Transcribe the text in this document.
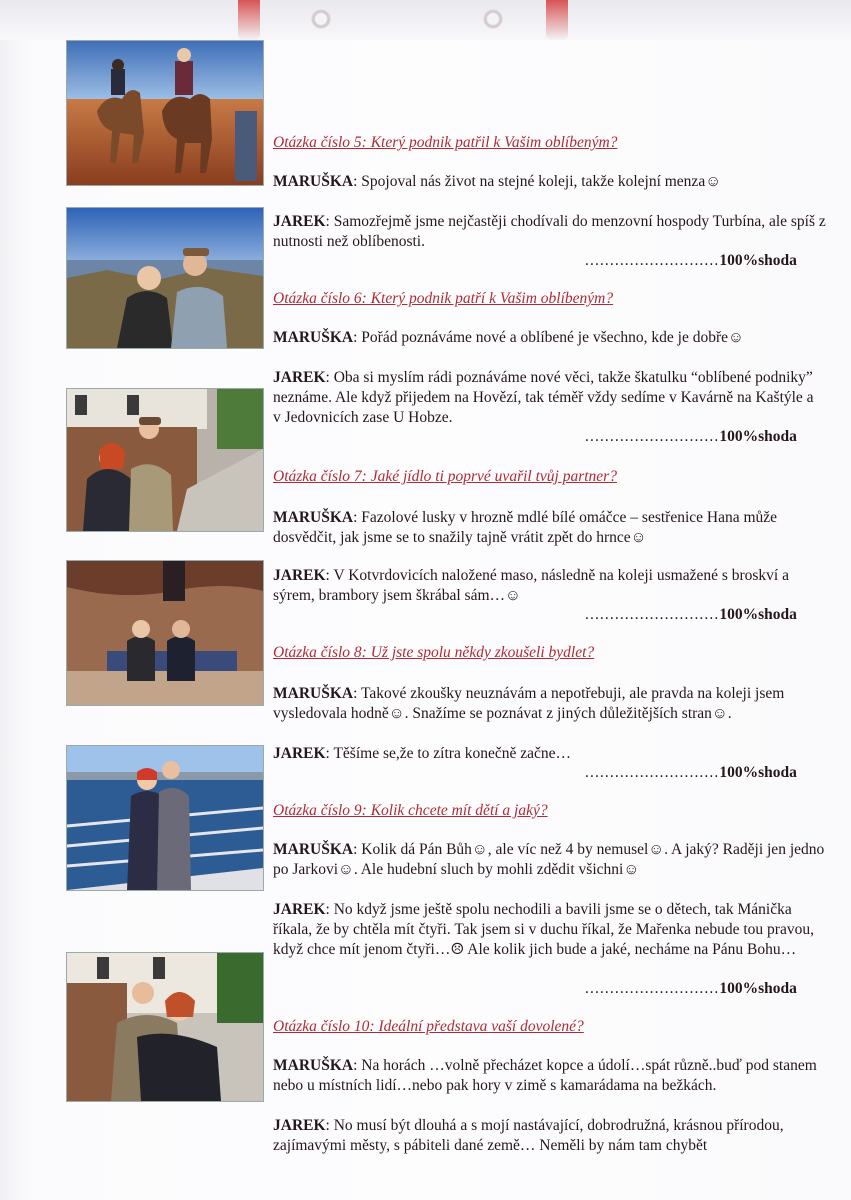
Otázka číslo 5: Který podnik patřil k Vašim oblíbeným?
MARUŠKA: Spojoval nás život na stejné koleji, takže kolejní menza☺
JAREK: Samozřejmě jsme nejčastěji chodívali do menzovní hospody Turbína, ale spíš z nutnosti než oblíbenosti.
...........................100%shoda
Otázka číslo 6: Který podnik patří k Vašim oblíbeným?
MARUŠKA: Pořád poznáváme nové a oblíbené je všechno, kde je dobře☺
JAREK: Oba si myslím rádi poznáváme nové věci, takže škatulku “oblíbené podniky” neznáme. Ale když přijedem na Hovězí, tak téměř vždy sedíme v Kavárně na Kaštýle a v Jedovnicích zase U Hobze.
...........................100%shoda
Otázka číslo 7: Jaké jídlo ti poprvé uvařil tvůj partner?
MARUŠKA: Fazolové lusky v hrozně mdlé bílé omáčce – sestřenice Hana může dosvědčit, jak jsme se to snažily tajně vrátit zpět do hrnce☺
JAREK: V Kotvrdovicích naložené maso, následně na koleji usmažené s broskví a sýrem, brambory jsem škrábal sám…☺
...........................100%shoda
Otázka číslo 8: Už jste spolu někdy zkoušeli bydlet?
MARUŠKA: Takové zkoušky neuznávám a nepotřebuji, ale pravda na koleji jsem vysledovala hodně☺. Snažíme se poznávat z jiných důležitějších stran☺.
JAREK: Těšíme se,že to zítra konečně začne…
...........................100%shoda
Otázka číslo 9: Kolik chcete mít dětí a jaký?
MARUŠKA: Kolik dá Pán Bůh☺, ale víc než 4 by nemusel☺. A jaký? Raději jen jedno po Jarkovi☺. Ale hudební sluch by mohli zdědit všichni☺
JAREK: No když jsme ještě spolu nechodili a bavili jsme se o dětech, tak Mánička říkala, že by chtěla mít čtyři. Tak jsem si v duchu říkal, že Mařenka nebude tou pravou, když chce mít jenom čtyři…☹ Ale kolik jich bude a jaké, necháme na Pánu Bohu…
...........................100%shoda
Otázka číslo 10: Ideální představa vaší dovolené?
MARUŠKA: Na horách …volně přecházet kopce a údolí…spát různě..buď pod stanem nebo u místních lidí…nebo pak hory v zimě s kamarádama na bežkách.
JAREK: No musí být dlouhá a s mojí nastávající, dobrodružná, krásnou přírodou, zajímavými městy, s pábiteli dané země… Neměli by nám tam chybět
